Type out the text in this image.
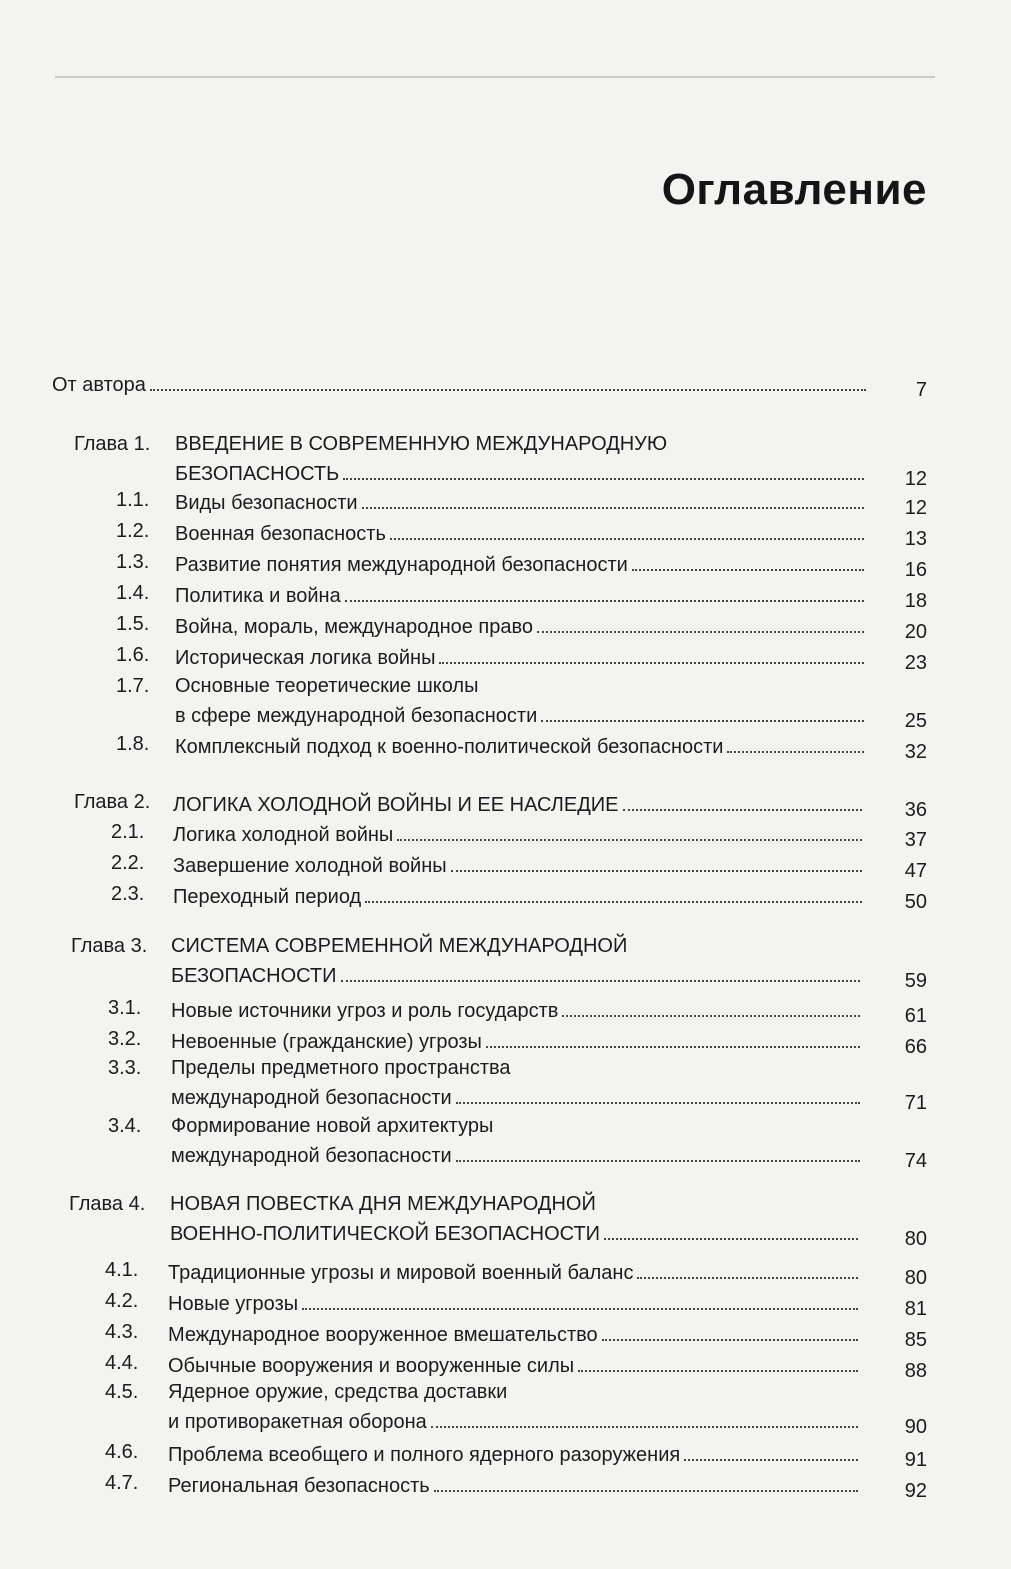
Оглавление
От автора	7
Глава 1. ВВЕДЕНИЕ В СОВРЕМЕННУЮ МЕЖДУНАРОДНУЮ
БЕЗОПАСНОСТЬ	12
1.1. Виды безопасности	12
1.2. Военная безопасность	13
1.3. Развитие понятия международной безопасности	16
1.4. Политика и война	18
1.5. Война, мораль, международное право	20
1.6. Историческая логика войны	23
1.7. Основные теоретические школы
в сфере международной безопасности	25
1.8. Комплексный подход к военно-политической безопасности	32
Глава 2. ЛОГИКА ХОЛОДНОЙ ВОЙНЫ И ЕЕ НАСЛЕДИЕ	36
2.1. Логика холодной войны	37
2.2. Завершение холодной войны	47
2.3. Переходный период	50
Глава 3. СИСТЕМА СОВРЕМЕННОЙ МЕЖДУНАРОДНОЙ
БЕЗОПАСНОСТИ	59
3.1. Новые источники угроз и роль государств	61
3.2. Невоенные (гражданские) угрозы	66
3.3. Пределы предметного пространства
международной безопасности	71
3.4. Формирование новой архитектуры
международной безопасности	74
Глава 4. НОВАЯ ПОВЕСТКА ДНЯ МЕЖДУНАРОДНОЙ
ВОЕННО-ПОЛИТИЧЕСКОЙ БЕЗОПАСНОСТИ	80
4.1. Традиционные угрозы и мировой военный баланс	80
4.2. Новые угрозы	81
4.3. Международное вооруженное вмешательство	85
4.4. Обычные вооружения и вооруженные силы	88
4.5. Ядерное оружие, средства доставки
и противоракетная оборона	90
4.6. Проблема всеобщего и полного ядерного разоружения	91
4.7. Региональная безопасность	92
